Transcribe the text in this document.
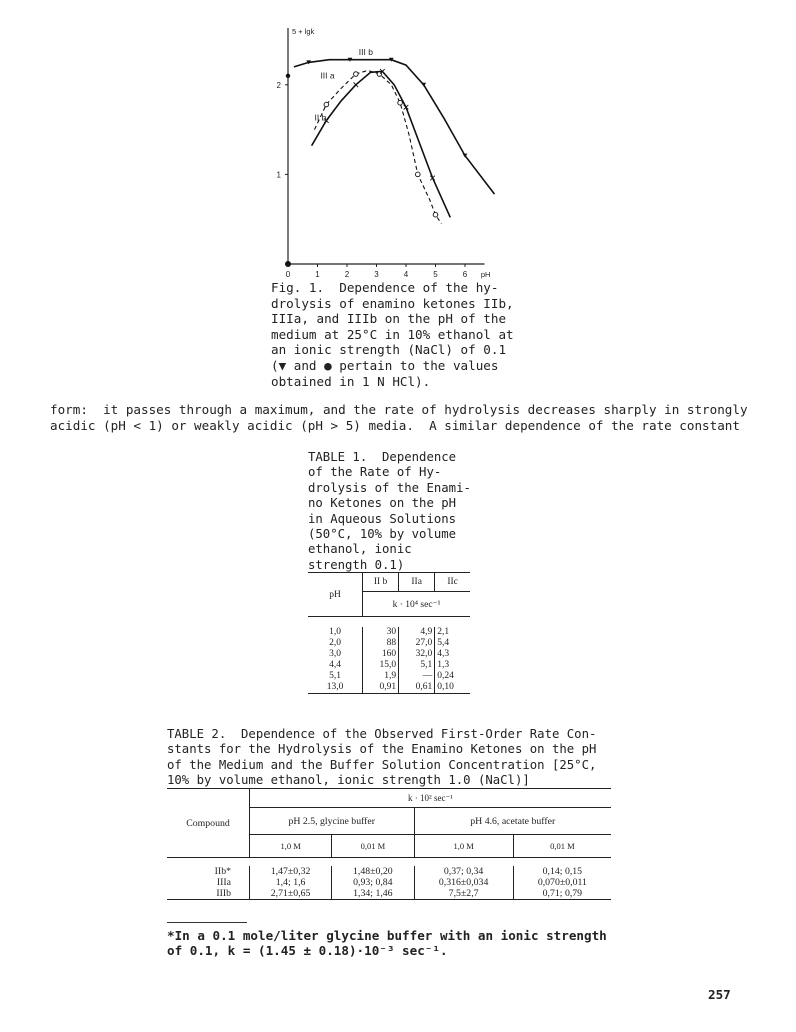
0	1	2	3	4	5	6 pH
1
2
5 + lgk
III b
III a
II b
Fig. 1.  Dependence of the hy-
drolysis of enamino ketones IIb,
IIIa, and IIIb on the pH of the
medium at 25°C in 10% ethanol at
an ionic strength (NaCl) of 0.1
(▼ and ● pertain to the values
obtained in 1 N HCl).
form:  it passes through a maximum, and the rate of hydrolysis decreases sharply in strongly
acidic (pH < 1) or weakly acidic (pH > 5) media.  A similar dependence of the rate constant
TABLE 1.  Dependence
of the Rate of Hy-
drolysis of the Enami-
no Ketones on the pH
in Aqueous Solutions
(50°C, 10% by volume
ethanol, ionic
strength 0.1)
pH	II b	IIa	IIc
	k · 10⁴ sec⁻¹		

1,0	30	4,9	2,1
2,0	88	27,0	5,4
3,0	160	32,0	4,3
4,4	15,0	5,1	1,3
5,1	1,9	—	0,24
13,0	0,91	0,61	0,10
TABLE 2.  Dependence of the Observed First-Order Rate Con-
stants for the Hydrolysis of the Enamino Ketones on the pH
of the Medium and the Buffer Solution Concentration [25°C,
10% by volume ethanol, ionic strength 1.0 (NaCl)]
Compound	k · 10² sec⁻¹			
	pH 2.5, glycine buffer		pH 4.6, acetate buffer	
	1,0 M	0,01 M	1,0 M	0,01 M

IIb*	1,47±0,32	1,48±0,20	0,37; 0,34	0,14; 0,15
IIIa	1,4; 1,6	0,93; 0,84	0,316±0,034	0,070±0,011
IIIb	2,71±0,65	1,34; 1,46	7,5±2,7	0,71; 0,79
*In a 0.1 mole/liter glycine buffer with an ionic strength
of 0.1, k = (1.45 ± 0.18)·10⁻³ sec⁻¹.
257
